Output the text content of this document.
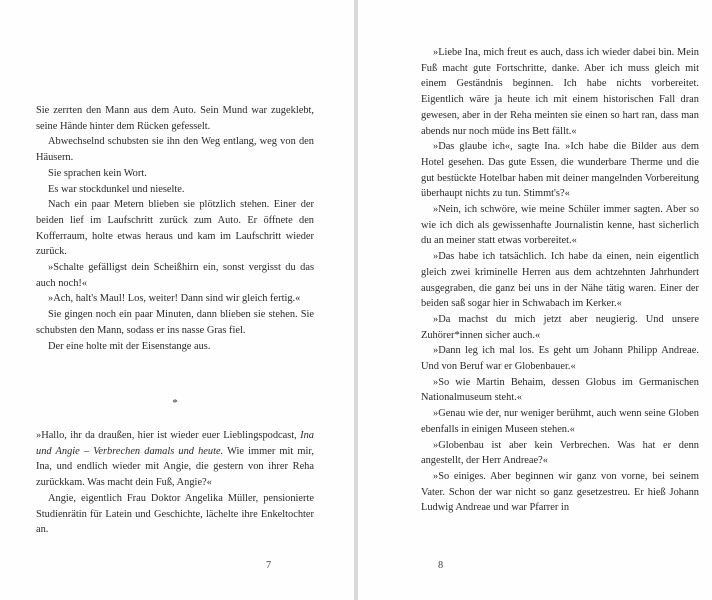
Sie zerrten den Mann aus dem Auto. Sein Mund war zugeklebt, seine Hände hinter dem Rücken gefesselt.

Abwechselnd schubsten sie ihn den Weg entlang, weg von den Häusern.

Sie sprachen kein Wort.

Es war stockdunkel und nieselte.

Nach ein paar Metern blieben sie plötzlich stehen. Einer der beiden lief im Laufschritt zurück zum Auto. Er öffnete den Kofferraum, holte etwas heraus und kam im Laufschritt wieder zurück.

»Schalte gefälligst dein Scheißhirn ein, sonst vergisst du das auch noch!«

»Ach, halt's Maul! Los, weiter! Dann sind wir gleich fertig.«

Sie gingen noch ein paar Minuten, dann blieben sie stehen. Sie schubsten den Mann, sodass er ins nasse Gras fiel.

Der eine holte mit der Eisenstange aus.

*

»Hallo, ihr da draußen, hier ist wieder euer Lieblingspodcast, Ina und Angie – Verbrechen damals und heute. Wie immer mit mir, Ina, und endlich wieder mit Angie, die gestern von ihrer Reha zurückkam. Was macht dein Fuß, Angie?«

Angie, eigentlich Frau Doktor Angelika Müller, pensionierte Studienrätin für Latein und Geschichte, lächelte ihre Enkeltochter an.

7

»Liebe Ina, mich freut es auch, dass ich wieder dabei bin. Mein Fuß macht gute Fortschritte, danke. Aber ich muss gleich mit einem Geständnis beginnen. Ich habe nichts vorbereitet. Eigentlich wäre ja heute ich mit einem historischen Fall dran gewesen, aber in der Reha meinten sie einen so hart ran, dass man abends nur noch müde ins Bett fällt.«

»Das glaube ich«, sagte Ina. »Ich habe die Bilder aus dem Hotel gesehen. Das gute Essen, die wunderbare Therme und die gut bestückte Hotelbar haben mit deiner mangelnden Vorbereitung überhaupt nichts zu tun. Stimmt's?«

»Nein, ich schwöre, wie meine Schüler immer sagten. Aber so wie ich dich als gewissenhafte Journalistin kenne, hast sicherlich du an meiner statt etwas vorbereitet.«

»Das habe ich tatsächlich. Ich habe da einen, nein eigentlich gleich zwei kriminelle Herren aus dem achtzehnten Jahrhundert ausgegraben, die ganz bei uns in der Nähe tätig waren. Einer der beiden saß sogar hier in Schwabach im Kerker.«

»Da machst du mich jetzt aber neugierig. Und unsere Zuhörer*innen sicher auch.«

»Dann leg ich mal los. Es geht um Johann Philipp Andreae. Und von Beruf war er Globenbauer.«

»So wie Martin Behaim, dessen Globus im Germanischen Nationalmuseum steht.«

»Genau wie der, nur weniger berühmt, auch wenn seine Globen ebenfalls in einigen Museen stehen.«

»Globenbau ist aber kein Verbrechen. Was hat er denn angestellt, der Herr Andreae?«

»So einiges. Aber beginnen wir ganz von vorne, bei seinem Vater. Schon der war nicht so ganz gesetzestreu. Er hieß Johann Ludwig Andreae und war Pfarrer in

8
